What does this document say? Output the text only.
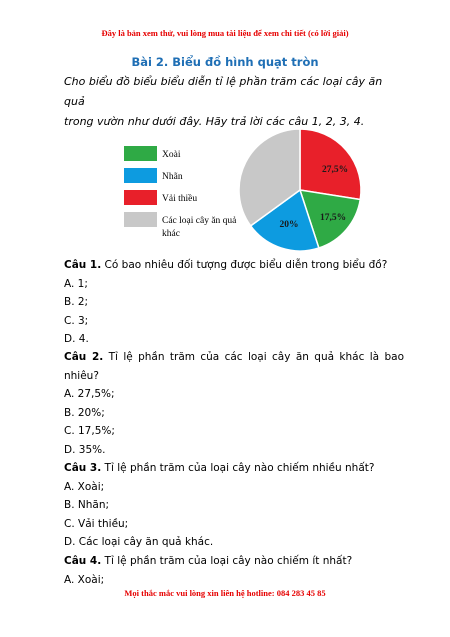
Đây là bản xem thử, vui lòng mua tài liệu để xem chi tiết (có lời giải)
Bài 2. Biểu đồ hình quạt tròn

Cho biểu đồ biểu biểu diễn tỉ lệ phần trăm các loại cây ăn quả

trong vườn như dưới đây. Hãy trả lời các câu 1, 2, 3, 4.

27,5%
17,5%
20%
Xoài
Nhãn
Vải thiều
Các loại cây ăn quả
khác

Câu 1. Có bao nhiêu đối tượng được biểu diễn trong biểu đồ?

A. 1;

B. 2;

C. 3;

D. 4.

Câu 2. Tỉ lệ phần trăm của các loại cây ăn quả khác là bao nhiêu?

A. 27,5%;

B. 20%;

C. 17,5%;

D. 35%.

Câu 3. Tỉ lệ phần trăm của loại cây nào chiếm nhiều nhất?

A. Xoài;

B. Nhãn;

C. Vải thiều;

D. Các loại cây ăn quả khác.

Câu 4. Tỉ lệ phần trăm của loại cây nào chiếm ít nhất?

A. Xoài;

Mọi thắc mắc vui lòng xin liên hệ hotline: 084 283 45 85
